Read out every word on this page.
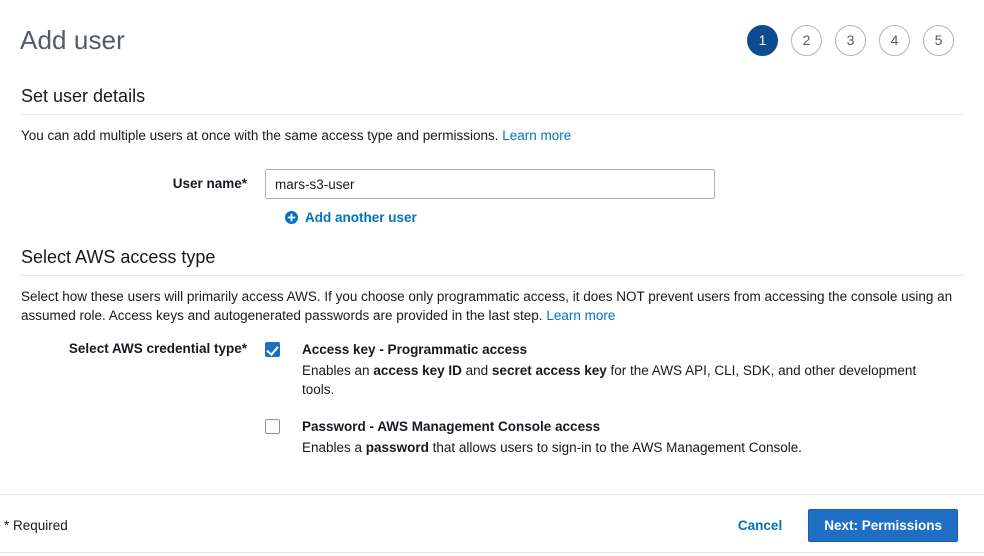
Add user	1	2	3	4	5
Set user details
You can add multiple users at once with the same access type and permissions. Learn more
User name*
mars-s3-user
Add another user
Select AWS access type
Select how these users will primarily access AWS. If you choose only programmatic access, it does NOT prevent users from accessing the console using an assumed role. Access keys and autogenerated passwords are provided in the last step. Learn more
Select AWS credential type*	Access key - Programmatic access
Enables an access key ID and secret access key for the AWS API, CLI, SDK, and other development tools.
Password - AWS Management Console access
Enables a password that allows users to sign-in to the AWS Management Console.
* Required	Cancel	Next: Permissions
